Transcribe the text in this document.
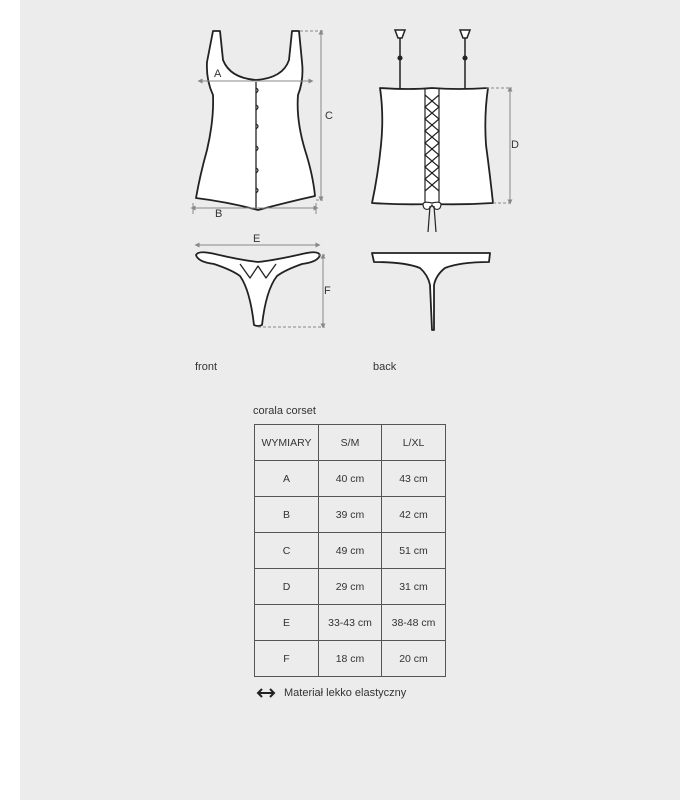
A
B
C
D
E
F
front	back
corala corset
WYMIARY	S/M	L/XL
A	40 cm	43 cm
B	39 cm	42 cm
C	49 cm	51 cm
D	29 cm	31 cm
E	33-43 cm	38-48 cm
F	18 cm	20 cm
Materiał lekko elastyczny
